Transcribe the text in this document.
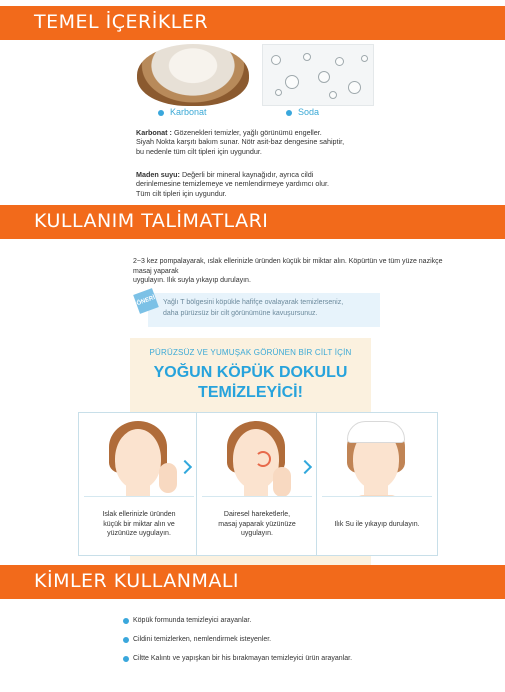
TEMEL İÇERİKLER
Karbonat	Soda
Karbonat : Gözenekleri temizler, yağlı görünümü engeller.
Siyah Nokta karşıtı bakım sunar. Nötr asit-baz dengesine sahiptir,
bu nedenle tüm cilt tipleri için uygundur.
Maden suyu: Değerli bir mineral kaynağıdır, ayrıca cildi
derinlemesine temizlemeye ve nemlendirmeye yardımcı olur.
Tüm cilt tipleri için uygundur.
KULLANIM TALİMATLARI
2~3 kez pompalayarak, ıslak ellerinizle üründen küçük bir miktar alın. Köpürtün ve tüm yüze nazikçe masaj yaparak
uygulayın. Ilık suyla yıkayıp durulayın.
ÖNERİ	Yağlı T bölgesini köpükle hafifçe ovalayarak temizlerseniz,
daha pürüzsüz bir cilt görünümüne kavuşursunuz.
PÜRÜZSÜZ VE YUMUŞAK GÖRÜNEN BİR CİLT İÇİN
YOĞUN KÖPÜK DOKULU
TEMİZLEYİCİ!
Islak ellerinizle üründen
küçük bir miktar alın ve
yüzünüze uygulayın.
Dairesel hareketlerle,
masaj yaparak yüzünüze
uygulayın.
Ilık Su ile yıkayıp durulayın.
KİMLER KULLANMALI
Köpük formunda temizleyici arayanlar.
Cildini temizlerken, nemlendirmek isteyenler.
Ciltte Kalıntı ve yapışkan bir his bırakmayan temizleyici ürün arayanlar.
